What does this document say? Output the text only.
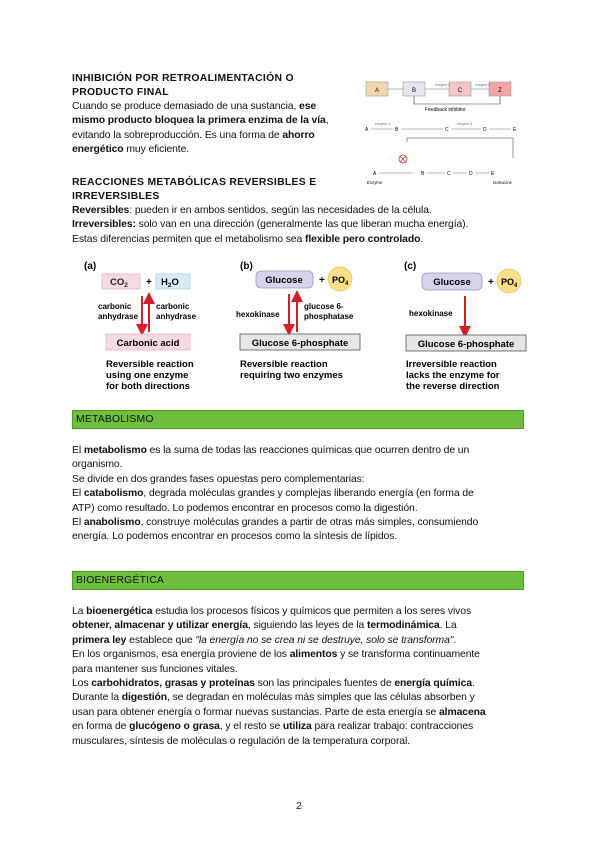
INHIBICIÓN POR RETROALIMENTACIÓN O
PRODUCTO FINAL
Cuando se produce demasiado de una sustancia, ese
mismo producto bloquea la primera enzima de la vía,
evitando la sobreproducción. Es una forma de ahorro
energético muy eficiente.
A	B	C	Z
enzyme 3	enzyme 4
Feedback inhibitor
A	B	C	D	E
enzyme 1	enzyme 3
A	B	C	D	E
Enzyme	Isoleucine
REACCIONES METABÓLICAS REVERSIBLES E
IRREVERSIBLES
Reversibles: pueden ir en ambos sentidos, según las necesidades de la célula.
Irreversibles: solo van en una dirección (generalmente las que liberan mucha energía).
Estas diferencias permiten que el metabolismo sea flexible pero controlado.
(a)
$CO_2 + H_2O$
carbonic
anhydrase
carbonic
anhydrase
Carbonic acid
Reversible reaction
using one enzyme
for both directions
(b)
$Glucose + PO_4$
hexokinase
glucose 6-
phosphatase
Glucose 6-phosphate
Reversible reaction
requiring two enzymes
(c)
$Glucose + PO_4$
hexokinase
Glucose 6-phosphate
Irreversible reaction
lacks the enzyme for
the reverse direction
METABOLISMO
El metabolismo es la suma de todas las reacciones químicas que ocurren dentro de un
organismo.
Se divide en dos grandes fases opuestas pero complementarias:
El catabolismo, degrada moléculas grandes y complejas liberando energía (en forma de
ATP) como resultado. Lo podemos encontrar en procesos como la digestión.
El anabolismo, construye moléculas grandes a partir de otras más simples, consumiendo
energía. Lo podemos encontrar en procesos como la síntesis de lípidos.
BIOENERGÉTICA
La bioenergética estudia los procesos físicos y químicos que permiten a los seres vivos
obtener, almacenar y utilizar energía, siguiendo las leyes de la termodinámica. La
primera ley establece que "la energía no se crea ni se destruye, solo se transforma".
En los organismos, esa energía proviene de los alimentos y se transforma continuamente
para mantener sus funciones vitales.
Los carbohidratos, grasas y proteínas son las principales fuentes de energía química.
Durante la digestión, se degradan en moléculas más simples que las células absorben y
usan para obtener energía o formar nuevas sustancias. Parte de esta energía se almacena
en forma de glucógeno o grasa, y el resto se utiliza para realizar trabajo: contracciones
musculares, síntesis de moléculas o regulación de la temperatura corporal.
2
